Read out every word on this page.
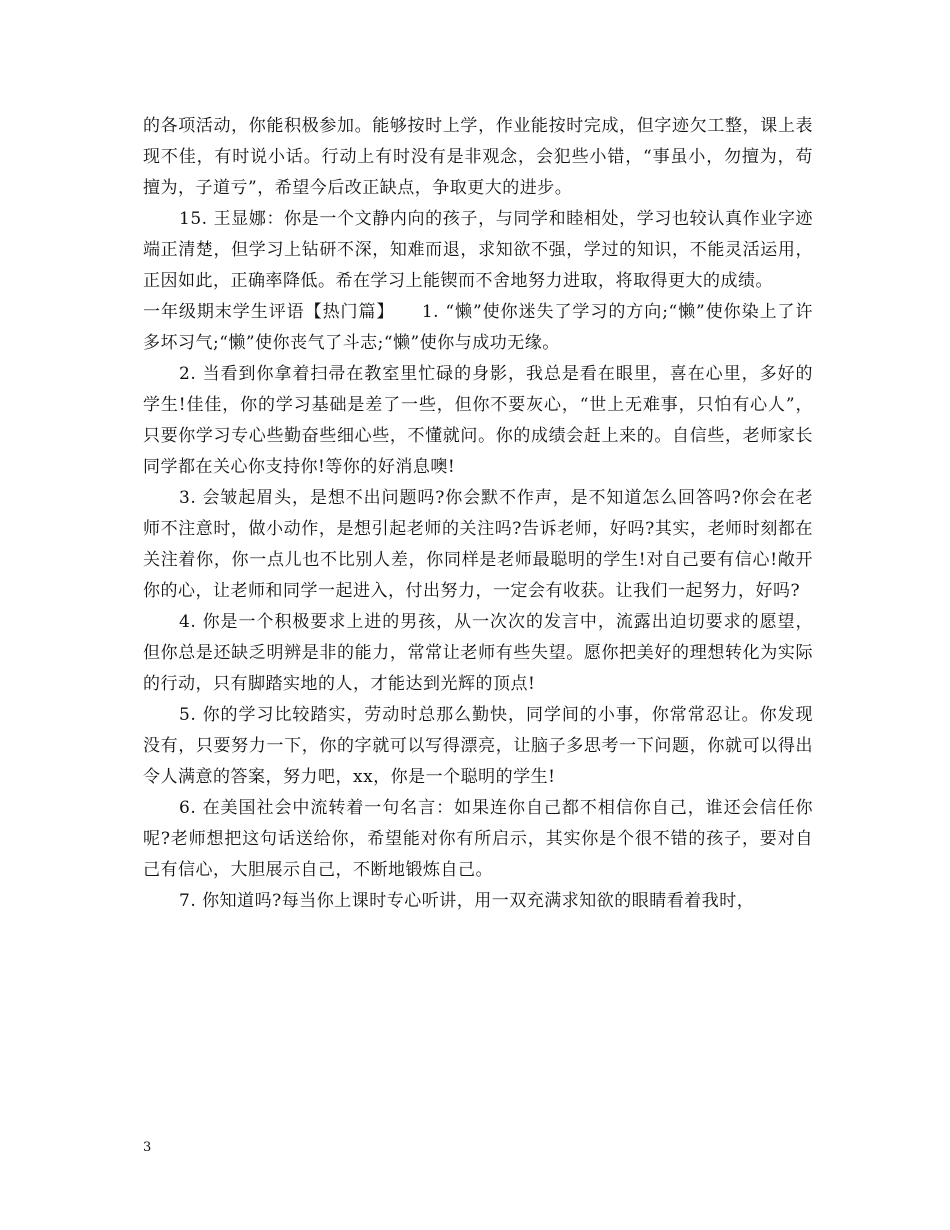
的各项活动，你能积极参加。能够按时上学，作业能按时完成，但字迹欠工整，课上表现不佳，有时说小话。行动上有时没有是非观念，会犯些小错，“事虽小，勿擅为，苟擅为，子道亏”，希望今后改正缺点，争取更大的进步。

15. 王显娜：你是一个文静内向的孩子，与同学和睦相处，学习也较认真作业字迹端正清楚，但学习上钻研不深，知难而退，求知欲不强，学过的知识，不能灵活运用，正因如此，正确率降低。希在学习上能锲而不舍地努力进取，将取得更大的成绩。

一年级期末学生评语【热门篇】　　1. “懒”使你迷失了学习的方向;“懒”使你染上了许多坏习气;“懒”使你丧气了斗志;“懒”使你与成功无缘。

2. 当看到你拿着扫帚在教室里忙碌的身影，我总是看在眼里，喜在心里，多好的学生!佳佳，你的学习基础是差了一些，但你不要灰心，“世上无难事，只怕有心人”，只要你学习专心些勤奋些细心些，不懂就问。你的成绩会赶上来的。自信些，老师家长同学都在关心你支持你!等你的好消息噢!

3. 会皱起眉头，是想不出问题吗?你会默不作声，是不知道怎么回答吗?你会在老师不注意时，做小动作，是想引起老师的关注吗?告诉老师，好吗?其实，老师时刻都在关注着你，你一点儿也不比别人差，你同样是老师最聪明的学生!对自己要有信心!敞开你的心，让老师和同学一起进入，付出努力，一定会有收获。让我们一起努力，好吗?

4. 你是一个积极要求上进的男孩，从一次次的发言中，流露出迫切要求的愿望，但你总是还缺乏明辨是非的能力，常常让老师有些失望。愿你把美好的理想转化为实际的行动，只有脚踏实地的人，才能达到光辉的顶点!

5. 你的学习比较踏实，劳动时总那么勤快，同学间的小事，你常常忍让。你发现没有，只要努力一下，你的字就可以写得漂亮，让脑子多思考一下问题，你就可以得出令人满意的答案，努力吧，xx，你是一个聪明的学生!

6. 在美国社会中流转着一句名言：如果连你自己都不相信你自己，谁还会信任你呢?老师想把这句话送给你，希望能对你有所启示，其实你是个很不错的孩子，要对自己有信心，大胆展示自己，不断地锻炼自己。

7. 你知道吗?每当你上课时专心听讲，用一双充满求知欲的眼睛看着我时，

3
